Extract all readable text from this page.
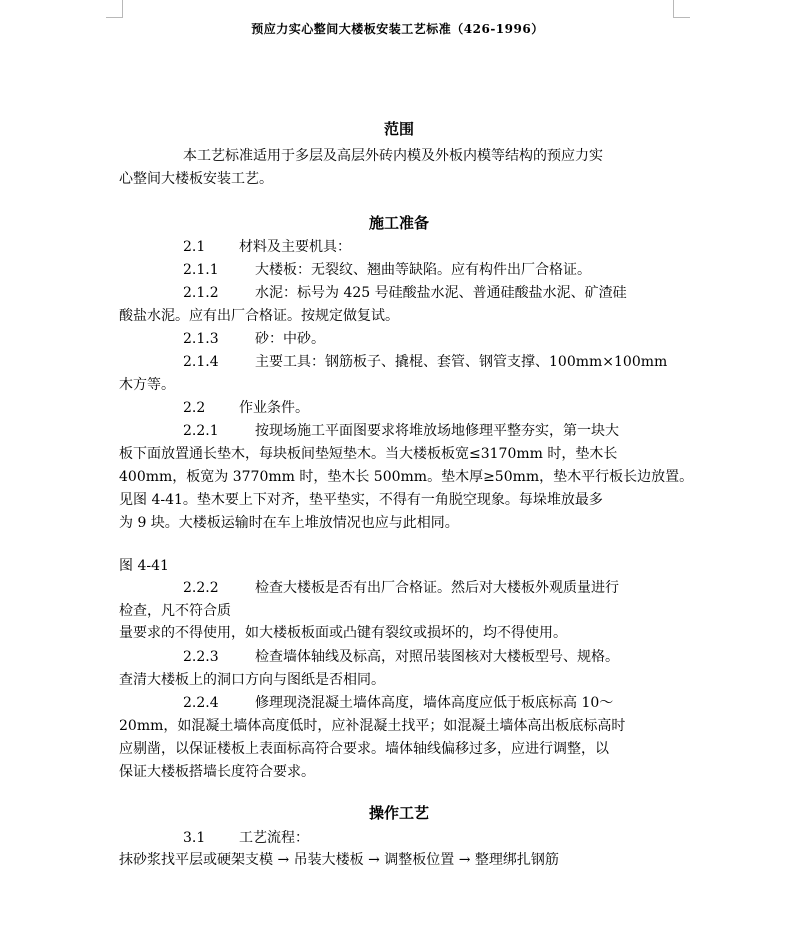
预应力实心整间大楼板安装工艺标准（426-1996）
范围
本工艺标准适用于多层及高层外砖内模及外板内模等结构的预应力实
心整间大楼板安装工艺。
施工准备
2.1 材料及主要机具：
2.1.1	大楼板：无裂纹、翘曲等缺陷。应有构件出厂合格证。
2.1.2	水泥：标号为 425 号硅酸盐水泥、普通硅酸盐水泥、矿渣硅
酸盐水泥。应有出厂合格证。按规定做复试。
2.1.3	砂：中砂。
2.1.4	主要工具：钢筋板子、撬棍、套管、钢管支撑、100mm×100mm
木方等。
2.2 作业条件。
2.2.1	按现场施工平面图要求将堆放场地修理平整夯实，第一块大
板下面放置通长垫木，每块板间垫短垫木。当大楼板板宽≤3170mm 时，垫木长
400mm，板宽为 3770mm 时，垫木长 500mm。垫木厚≥50mm，垫木平行板长边放置。
见图 4-41。垫木要上下对齐，垫平垫实，不得有一角脱空现象。每垛堆放最多
为 9 块。大楼板运输时在车上堆放情况也应与此相同。
图 4-41
2.2.2	检查大楼板是否有出厂合格证。然后对大楼板外观质量进行
检查，凡不符合质
量要求的不得使用，如大楼板板面或凸键有裂纹或损坏的，均不得使用。
2.2.3	检查墙体轴线及标高，对照吊装图核对大楼板型号、规格。
查清大楼板上的洞口方向与图纸是否相同。
2.2.4	修理现浇混凝土墙体高度，墙体高度应低于板底标高 10～
20mm，如混凝土墙体高度低时，应补混凝土找平；如混凝土墙体高出板底标高时
应剔凿，以保证楼板上表面标高符合要求。墙体轴线偏移过多，应进行调整，以
保证大楼板搭墙长度符合要求。
操作工艺
3.1 工艺流程：
抹砂浆找平层或硬架支模 → 吊装大楼板 → 调整板位置 → 整理绑扎钢筋
